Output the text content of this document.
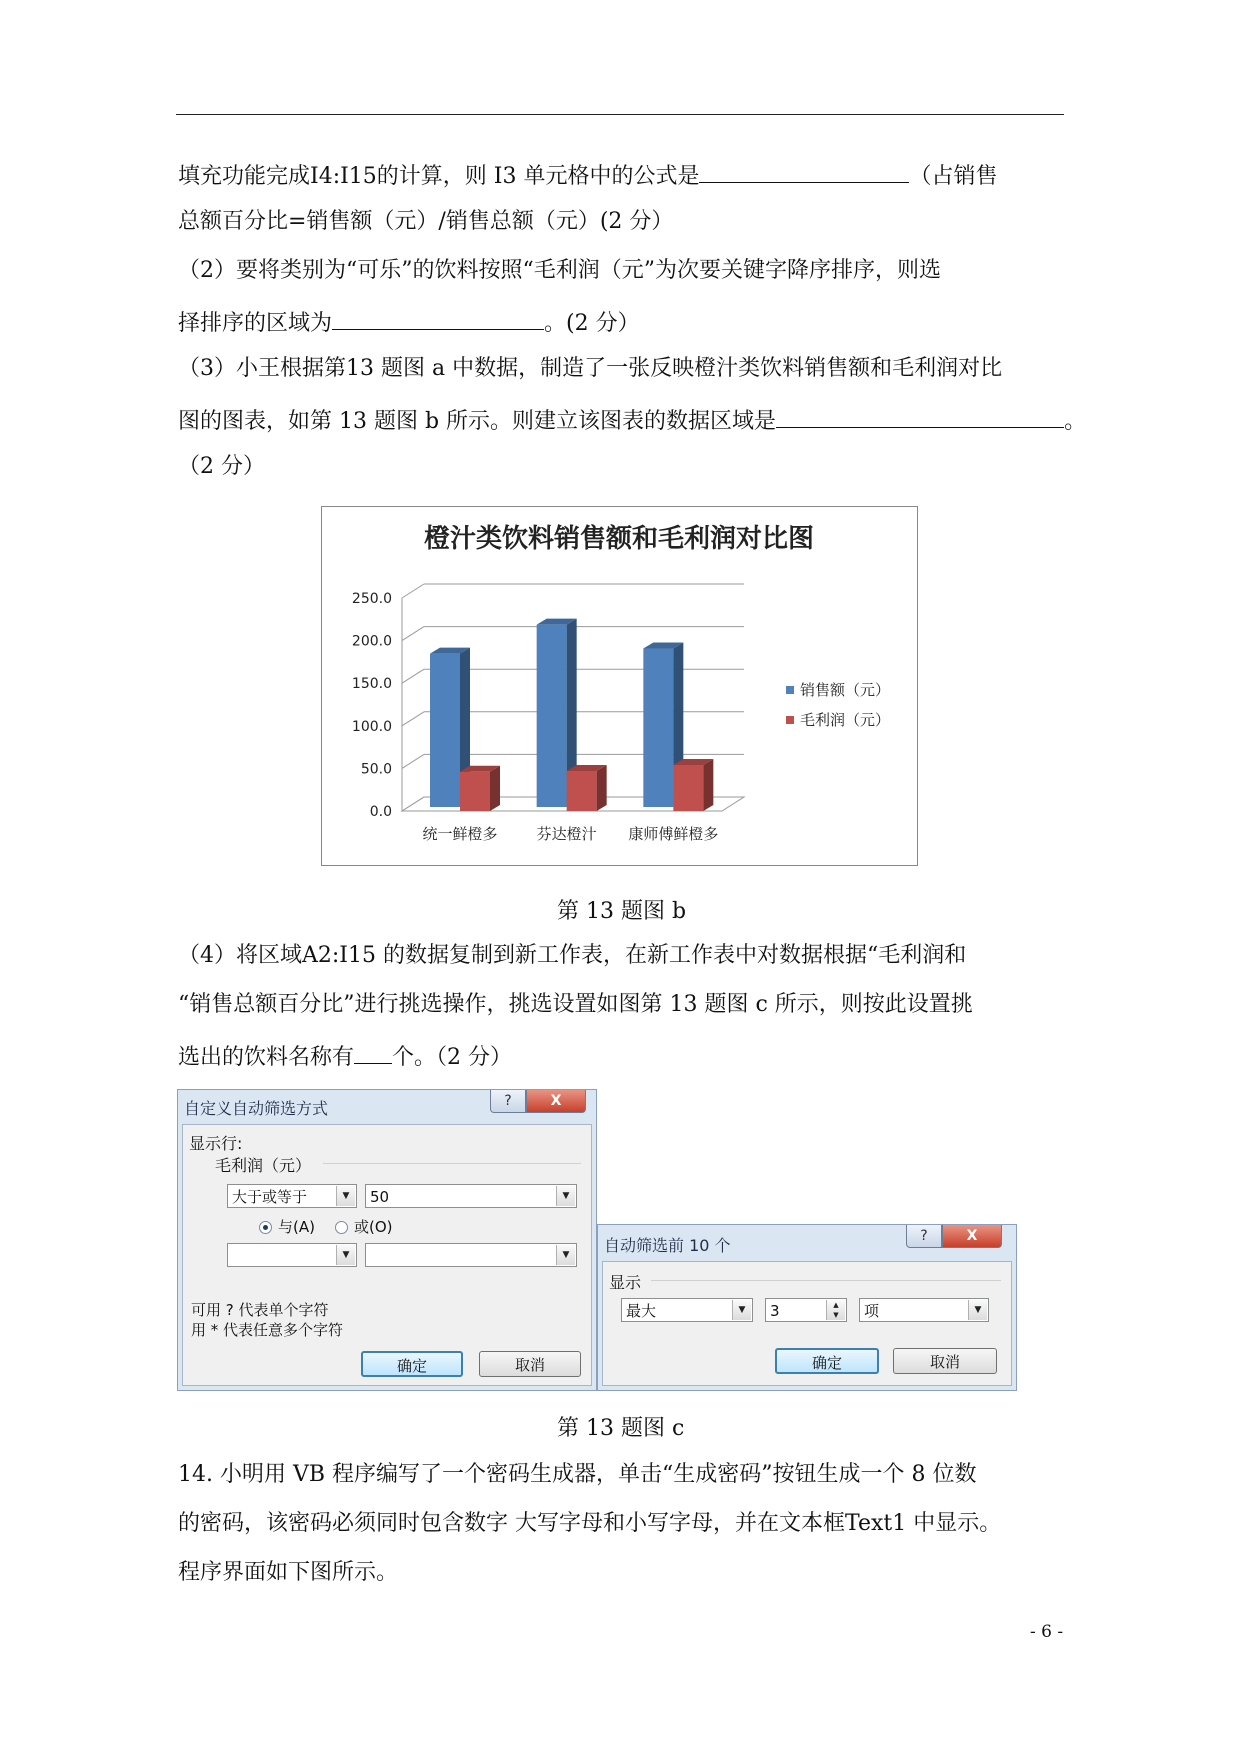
填充功能完成I4:I15的计算，则 I3 单元格中的公式是	（占销售
总额百分比=销售额（元）/销售总额（元）(2 分）
（2）要将类别为“可乐”的饮料按照“毛利润（元”为次要关键字降序排序，则选
择排序的区域为	。(2 分）
（3）小王根据第13 题图 a 中数据，制造了一张反映橙汁类饮料销售额和毛利润对比
图的图表，如第 13 题图 b 所示。则建立该图表的数据区域是	。
（2 分）
橙汁类饮料销售额和毛利润对比图
0.0
50.0
100.0
150.0
200.0
250.0
统一鲜橙多	芬达橙汁 康师傅鲜橙多
销售额（元）
毛利润（元）
第 13 题图 b
（4）将区域A2:I15 的数据复制到新工作表，在新工作表中对数据根据“毛利润和
“销售总额百分比”进行挑选操作，挑选设置如图第 13 题图 c 所示，则按此设置挑
选出的饮料名称有 个。（2 分）
自定义自动筛选方式	?	X
显示行:
毛利润（元）
大于或等于	▼	50	▼
与(A)	或(O)
▼	▼
可用 ? 代表单个字符
用 * 代表任意多个字符
确定	取消
自动筛选前 10 个	?	X
显示
最大	▼	3	▲
▼	项	▼
确定	取消
第 13 题图 c
14. 小明用 VB 程序编写了一个密码生成器，单击“生成密码”按钮生成一个 8 位数
的密码，该密码必须同时包含数字 大写字母和小写字母，并在文本框Text1 中显示。
程序界面如下图所示。
- 6 -
